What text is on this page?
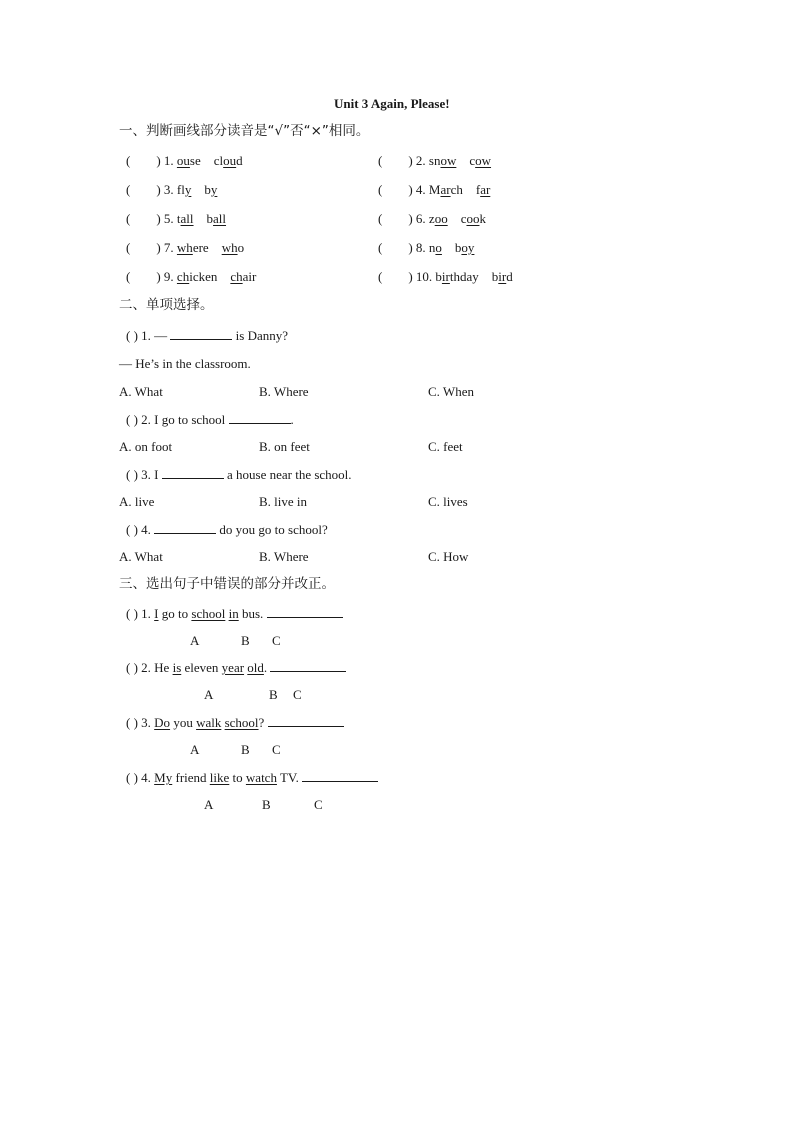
Unit 3 Again, Please!
一、判断画线部分读音是“√”否“×”相同。
(        ) 1. ouse    cloud	(        ) 2. snow    cow
(        ) 3. fly    by	(        ) 4. March    far
(        ) 5. tall    ball	(        ) 6. zoo    cook
(        ) 7. where    who	(        ) 8. no    boy
(        ) 9. chicken    chair	(        ) 10. birthday    bird
二、单项选择。
( ) 1. —	is Danny?
— He’s in the classroom.
A. What	B. Where	C. When
( ) 2. I go to school	.
A. on foot	B. on feet	C. feet
( ) 3. I	a house near the school.
A. live	B. live in	C. lives
( ) 4.	do you go to school?
A. What	B. Where	C. How
三、选出句子中错误的部分并改正。
( ) 1. I go to school in bus.
A	B C
( ) 2. He is eleven year old.
A	B C
( ) 3. Do you walk school?
A	B C
( ) 4. My friend like to watch TV.
A	B	C
